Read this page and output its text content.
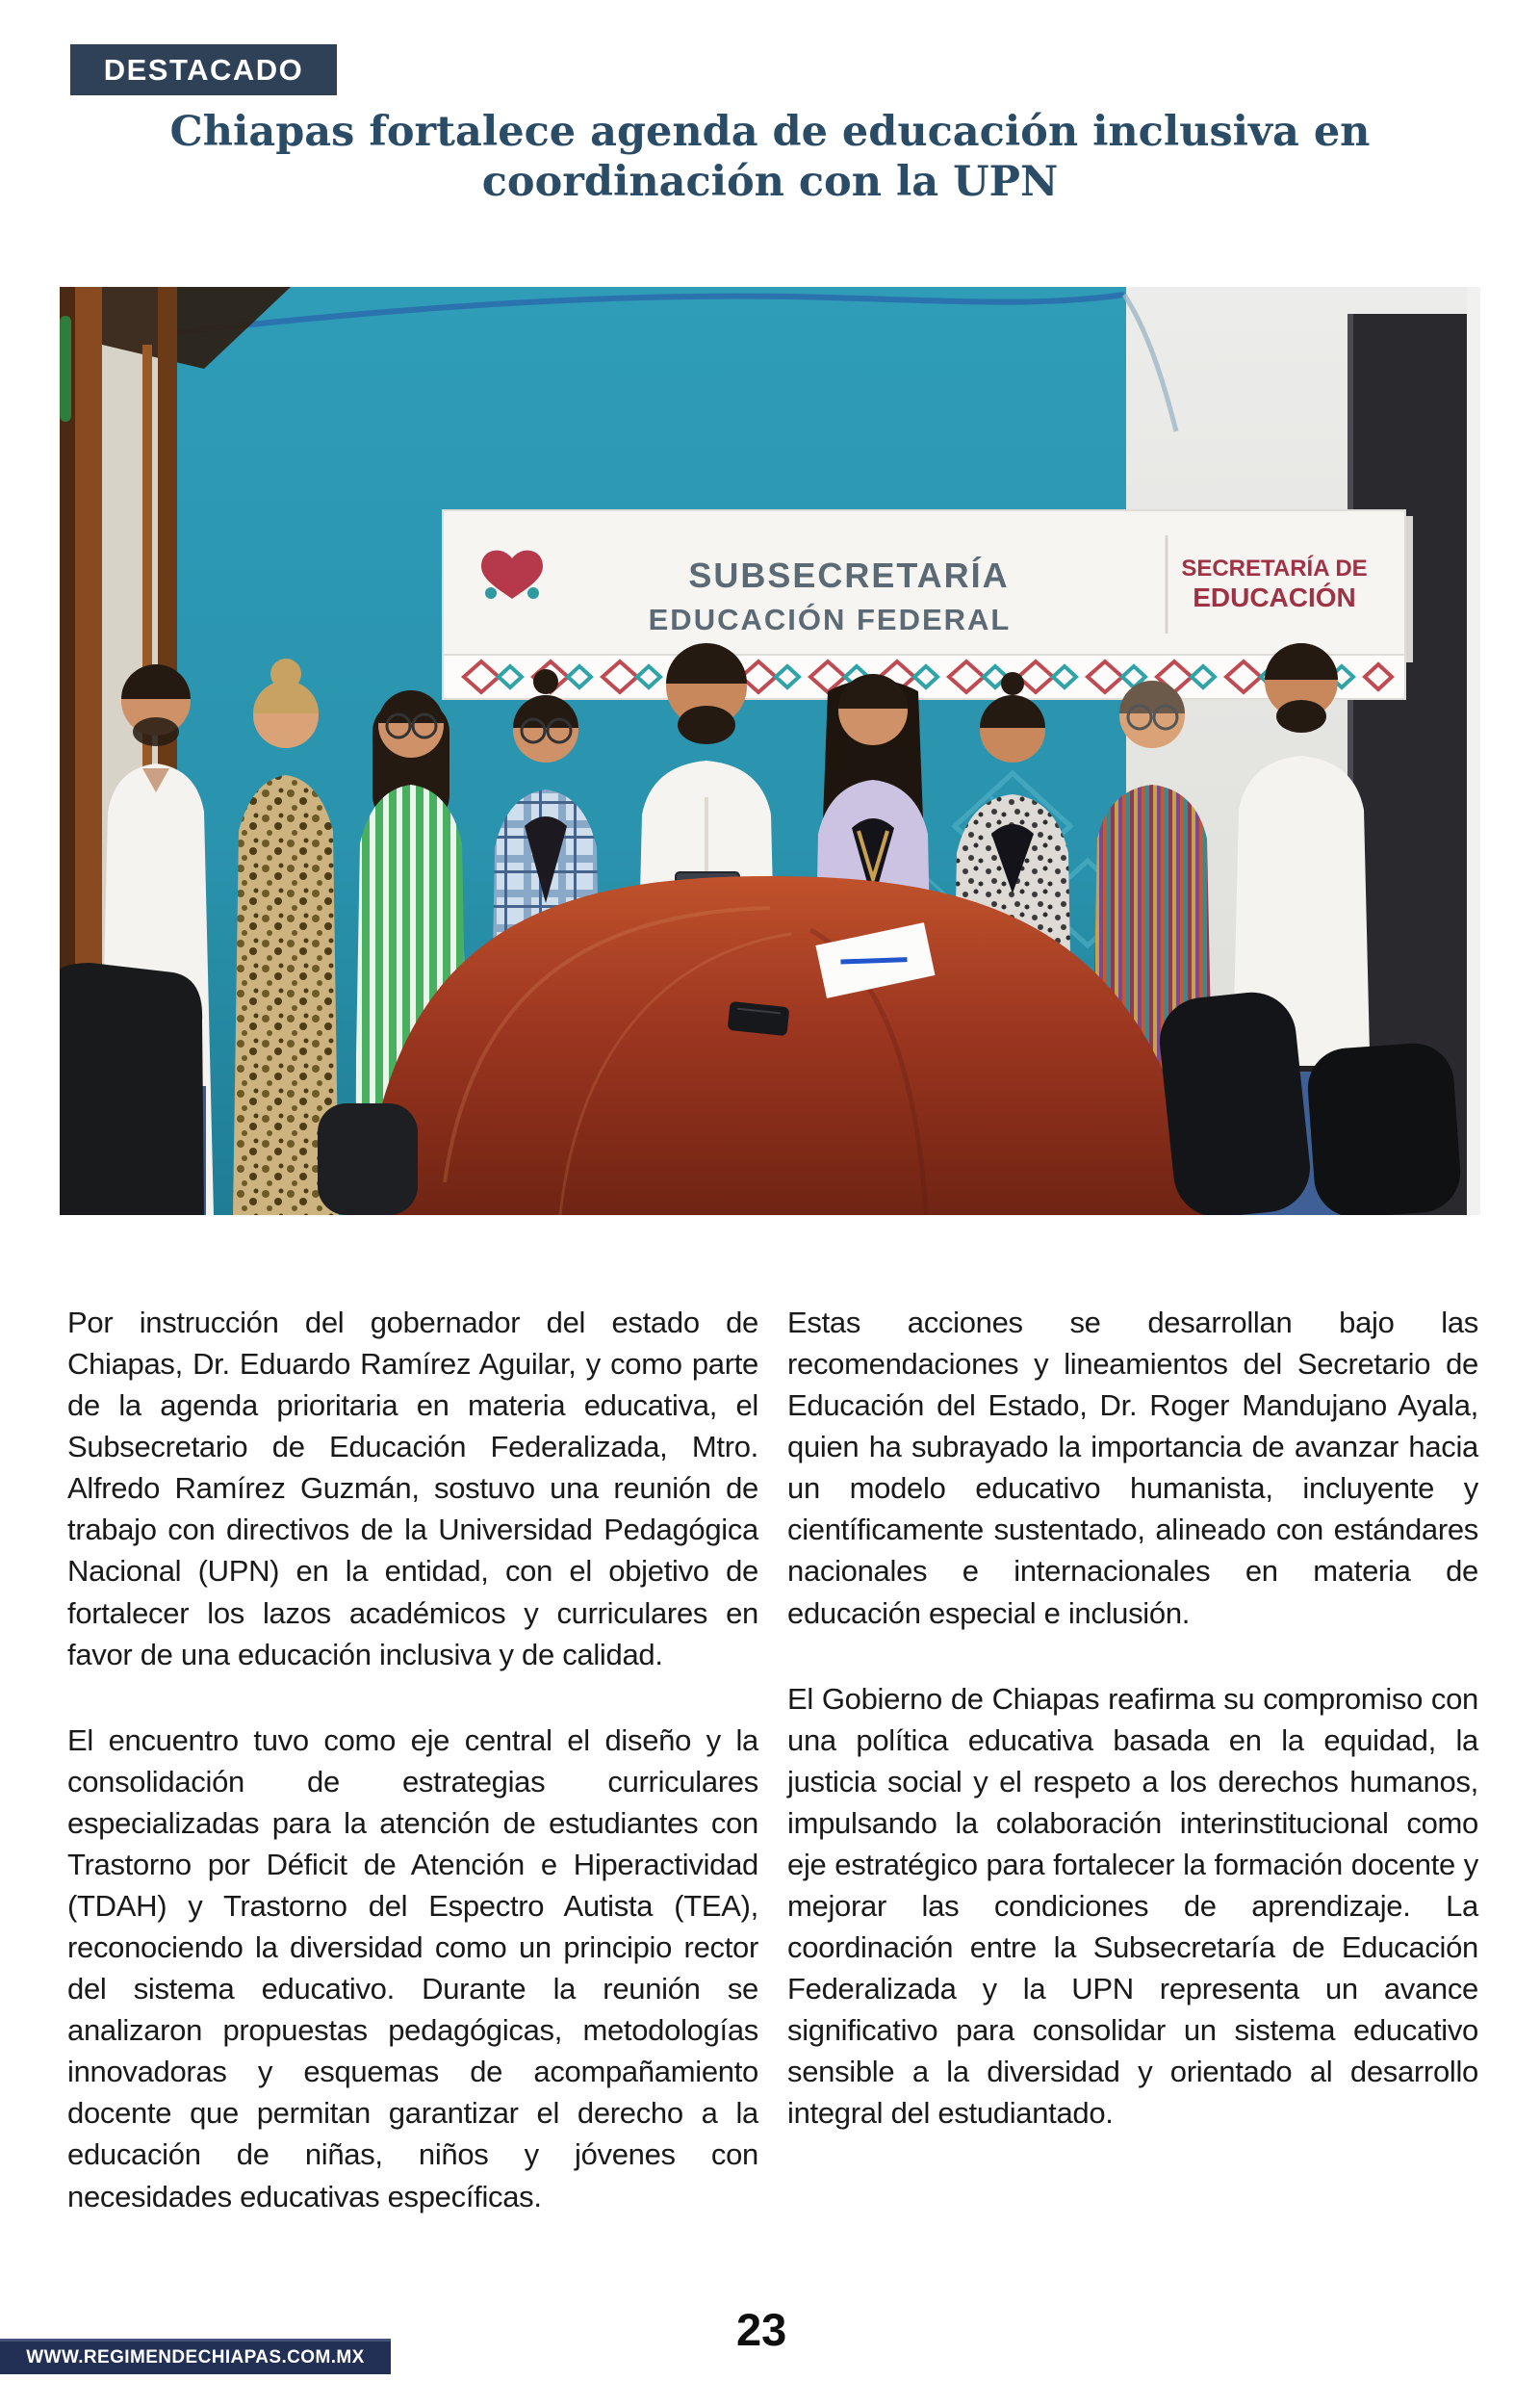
DESTACADO
Chiapas fortalece agenda de educación inclusiva en coordinación con la UPN
SUBSECRETARÍA
EDUCACIÓN FEDERAL
SECRETARÍA DE
EDUCACIÓN

Por instrucción del gobernador del estado de Chiapas, Dr. Eduardo Ramírez Aguilar, y como parte de la agenda prioritaria en materia educativa, el Subsecretario de Educación Federalizada, Mtro. Alfredo Ramírez Guzmán, sostuvo una reunión de trabajo con directivos de la Universidad Pedagógica Nacional (UPN) en la entidad, con el objetivo de fortalecer los lazos académicos y curriculares en favor de una educación inclusiva y de calidad.

El encuentro tuvo como eje central el diseño y la consolidación de estrategias curriculares especializadas para la atención de estudiantes con Trastorno por Déficit de Atención e Hiperactividad (TDAH) y Trastorno del Espectro Autista (TEA), reconociendo la diversidad como un principio rector del sistema educativo. Durante la reunión se analizaron propuestas pedagógicas, metodologías innovadoras y esquemas de acompañamiento docente que permitan garantizar el derecho a la educación de niñas, niños y jóvenes con necesidades educativas específicas.

Estas acciones se desarrollan bajo las recomendaciones y lineamientos del Secretario de Educación del Estado, Dr. Roger Mandujano Ayala, quien ha subrayado la importancia de avanzar hacia un modelo educativo humanista, incluyente y científicamente sustentado, alineado con estándares nacionales e internacionales en materia de educación especial e inclusión.

El Gobierno de Chiapas reafirma su compromiso con una política educativa basada en la equidad, la justicia social y el respeto a los derechos humanos, impulsando la colaboración interinstitucional como eje estratégico para fortalecer la formación docente y mejorar las condiciones de aprendizaje. La coordinación entre la Subsecretaría de Educación Federalizada y la UPN representa un avance significativo para consolidar un sistema educativo sensible a la diversidad y orientado al desarrollo integral del estudiantado.

23
WWW.REGIMENDECHIAPAS.COM.MX
